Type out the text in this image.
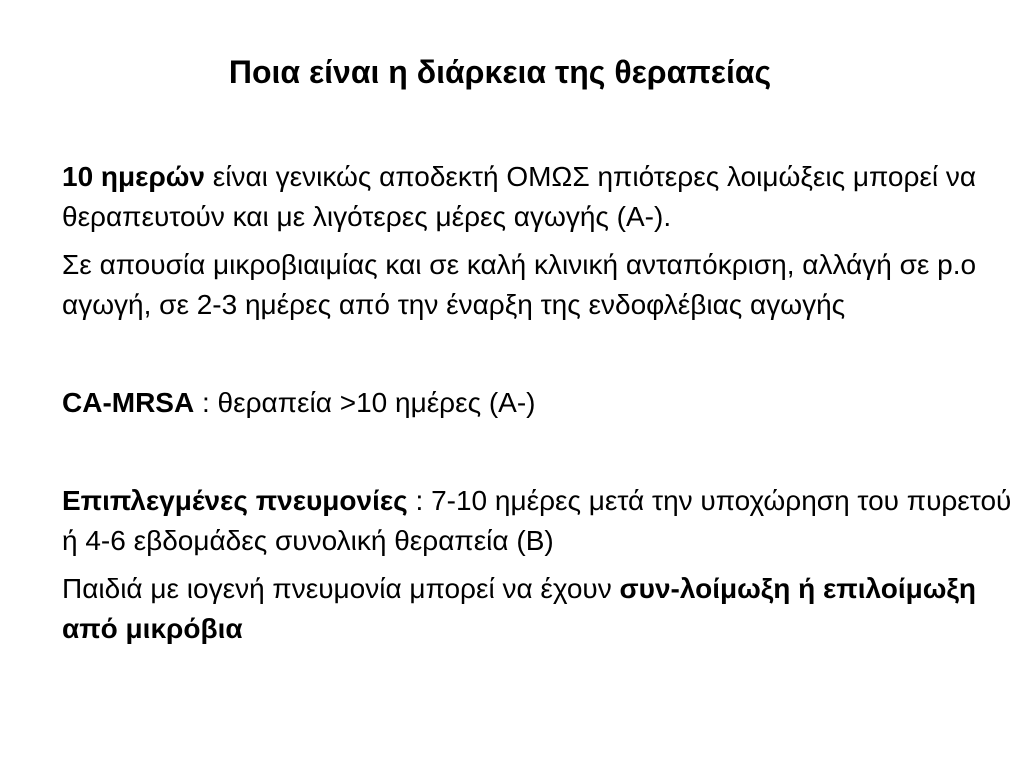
Ποια είναι η διάρκεια της θεραπείας

10 ημερών είναι γενικώς αποδεκτή ΟΜΩΣ ηπιότερες λοιμώξεις μπορεί να θεραπευτούν και με λιγότερες μέρες αγωγής (Α-).

Σε απουσία μικροβιαιμίας και σε καλή κλινική ανταπόκριση, αλλάγή σε p.o αγωγή, σε 2-3 ημέρες από την έναρξη της ενδοφλέβιας αγωγής

CA-MRSA : θεραπεία >10 ημέρες (Α-)

Επιπλεγμένες πνευμονίες : 7-10 ημέρες μετά την υποχώρηση του πυρετού ή 4-6 εβδομάδες συνολική θεραπεία (Β)

Παιδιά με ιογενή πνευμονία μπορεί να έχουν συν-λοίμωξη ή επιλοίμωξη από μικρόβια
